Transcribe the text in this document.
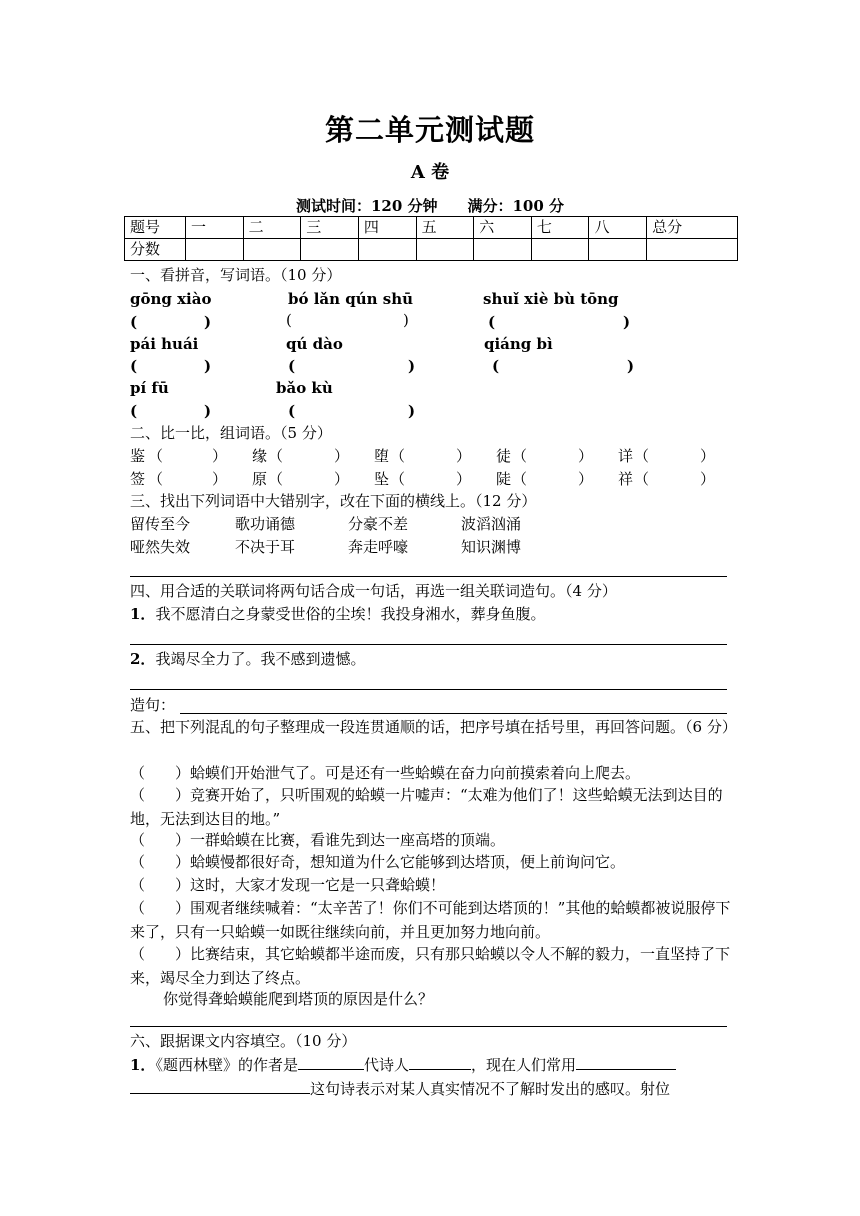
第二单元测试题
A 卷
测试时间：120 分钟　　满分：100 分
题号	一	二	三	四	五	六	七	八	总分
分数									
一、看拼音，写词语。（10 分）
gōng xiào	bó lǎn qún shū	shuǐ xiè bù tōng
(	)	(	)	(	)
pái huái	qú dào	qiáng bì
(	)	(	)	(	)
pí fū	bǎo kù
(	)	(	)
二、比一比，组词语。（5 分）
鉴 （	） 缘 （	） 堕 （	） 徒 （	） 详 （	）
签 （	） 原 （	） 坠 （	） 陡 （	） 祥 （	）
三、找出下列词语中大错别字，改在下面的横线上。（12 分）
留传至今	歌功诵德	分豪不差	波滔汹涌
哑然失效	不决于耳	奔走呼嚎	知识渊博
四、用合适的关联词将两句话合成一句话，再选一组关联词造句。（4 分）
1．我不愿清白之身蒙受世俗的尘埃！我投身湘水，葬身鱼腹。
2．我竭尽全力了。我不感到遗憾。
造句：
五、把下列混乱的句子整理成一段连贯通顺的话，把序号填在括号里，再回答问题。（6 分）
（　　）蛤蟆们开始泄气了。可是还有一些蛤蟆在奋力向前摸索着向上爬去。
（　　）竞赛开始了，只听围观的蛤蟆一片嘘声：“太难为他们了！这些蛤蟆无法到达目的地，无法到达目的地。”
（　　）一群蛤蟆在比赛，看谁先到达一座高塔的顶端。
（　　）蛤蟆慢都很好奇，想知道为什么它能够到达塔顶，便上前询问它。
（　　）这时，大家才发现一它是一只聋蛤蟆！
（　　）围观者继续喊着：“太辛苦了！你们不可能到达塔顶的！”其他的蛤蟆都被说服停下来了，只有一只蛤蟆一如既往继续向前，并且更加努力地向前。
（　　）比赛结束，其它蛤蟆都半途而废，只有那只蛤蟆以令人不解的毅力，一直坚持了下来，竭尽全力到达了终点。
你觉得聋蛤蟆能爬到塔顶的原因是什么？
六、跟据课文内容填空。（10 分）
1．《题西林壁》的作者是	代诗人	，现在人们常用
这句诗表示对某人真实情况不了解时发出的感叹。射位
